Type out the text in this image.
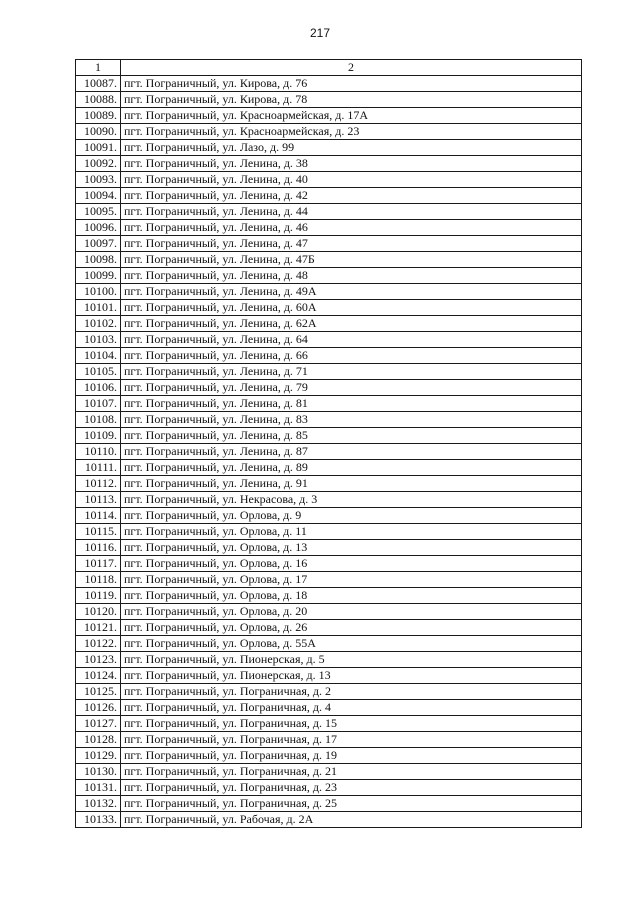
217
1	2
10087.	пгт. Пограничный, ул. Кирова, д. 76
10088.	пгт. Пограничный, ул. Кирова, д. 78
10089.	пгт. Пограничный, ул. Красноармейская, д. 17А
10090.	пгт. Пограничный, ул. Красноармейская, д. 23
10091.	пгт. Пограничный, ул. Лазо, д. 99
10092.	пгт. Пограничный, ул. Ленина, д. 38
10093.	пгт. Пограничный, ул. Ленина, д. 40
10094.	пгт. Пограничный, ул. Ленина, д. 42
10095.	пгт. Пограничный, ул. Ленина, д. 44
10096.	пгт. Пограничный, ул. Ленина, д. 46
10097.	пгт. Пограничный, ул. Ленина, д. 47
10098.	пгт. Пограничный, ул. Ленина, д. 47Б
10099.	пгт. Пограничный, ул. Ленина, д. 48
10100.	пгт. Пограничный, ул. Ленина, д. 49А
10101.	пгт. Пограничный, ул. Ленина, д. 60А
10102.	пгт. Пограничный, ул. Ленина, д. 62А
10103.	пгт. Пограничный, ул. Ленина, д. 64
10104.	пгт. Пограничный, ул. Ленина, д. 66
10105.	пгт. Пограничный, ул. Ленина, д. 71
10106.	пгт. Пограничный, ул. Ленина, д. 79
10107.	пгт. Пограничный, ул. Ленина, д. 81
10108.	пгт. Пограничный, ул. Ленина, д. 83
10109.	пгт. Пограничный, ул. Ленина, д. 85
10110.	пгт. Пограничный, ул. Ленина, д. 87
10111.	пгт. Пограничный, ул. Ленина, д. 89
10112.	пгт. Пограничный, ул. Ленина, д. 91
10113.	пгт. Пограничный, ул. Некрасова, д. 3
10114.	пгт. Пограничный, ул. Орлова, д. 9
10115.	пгт. Пограничный, ул. Орлова, д. 11
10116.	пгт. Пограничный, ул. Орлова, д. 13
10117.	пгт. Пограничный, ул. Орлова, д. 16
10118.	пгт. Пограничный, ул. Орлова, д. 17
10119.	пгт. Пограничный, ул. Орлова, д. 18
10120.	пгт. Пограничный, ул. Орлова, д. 20
10121.	пгт. Пограничный, ул. Орлова, д. 26
10122.	пгт. Пограничный, ул. Орлова, д. 55А
10123.	пгт. Пограничный, ул. Пионерская, д. 5
10124.	пгт. Пограничный, ул. Пионерская, д. 13
10125.	пгт. Пограничный, ул. Пограничная, д. 2
10126.	пгт. Пограничный, ул. Пограничная, д. 4
10127.	пгт. Пограничный, ул. Пограничная, д. 15
10128.	пгт. Пограничный, ул. Пограничная, д. 17
10129.	пгт. Пограничный, ул. Пограничная, д. 19
10130.	пгт. Пограничный, ул. Пограничная, д. 21
10131.	пгт. Пограничный, ул. Пограничная, д. 23
10132.	пгт. Пограничный, ул. Пограничная, д. 25
10133.	пгт. Пограничный, ул. Рабочая, д. 2А
